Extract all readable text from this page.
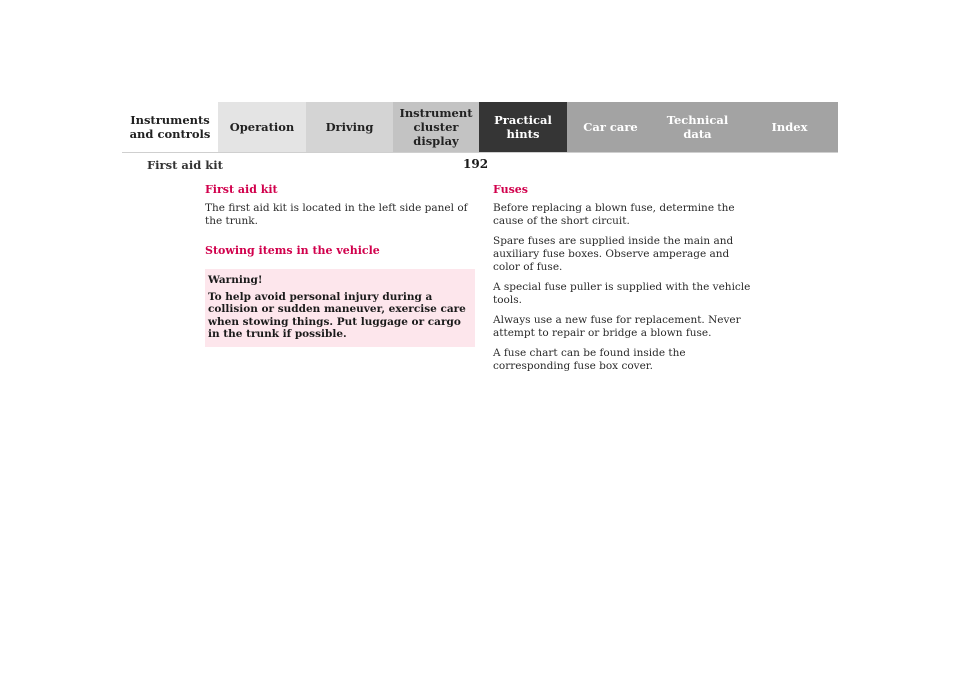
Instruments
and controls Operation	Driving
Instrument
cluster display
Practical hints	Car care	Technical
data	Index
First aid kit	192
First aid kit

The first aid kit is located in the left side panel of the trunk.

Stowing items in the vehicle

Warning!

To help avoid personal injury during a collision or sudden maneuver, exercise care when stowing things. Put luggage or cargo in the trunk if possible.

Fuses

Before replacing a blown fuse, determine the cause of the short circuit.

Spare fuses are supplied inside the main and auxiliary fuse boxes. Observe amperage and color of fuse.

A special fuse puller is supplied with the vehicle tools.

Always use a new fuse for replacement. Never attempt to repair or bridge a blown fuse.

A fuse chart can be found inside the corresponding fuse box cover.
